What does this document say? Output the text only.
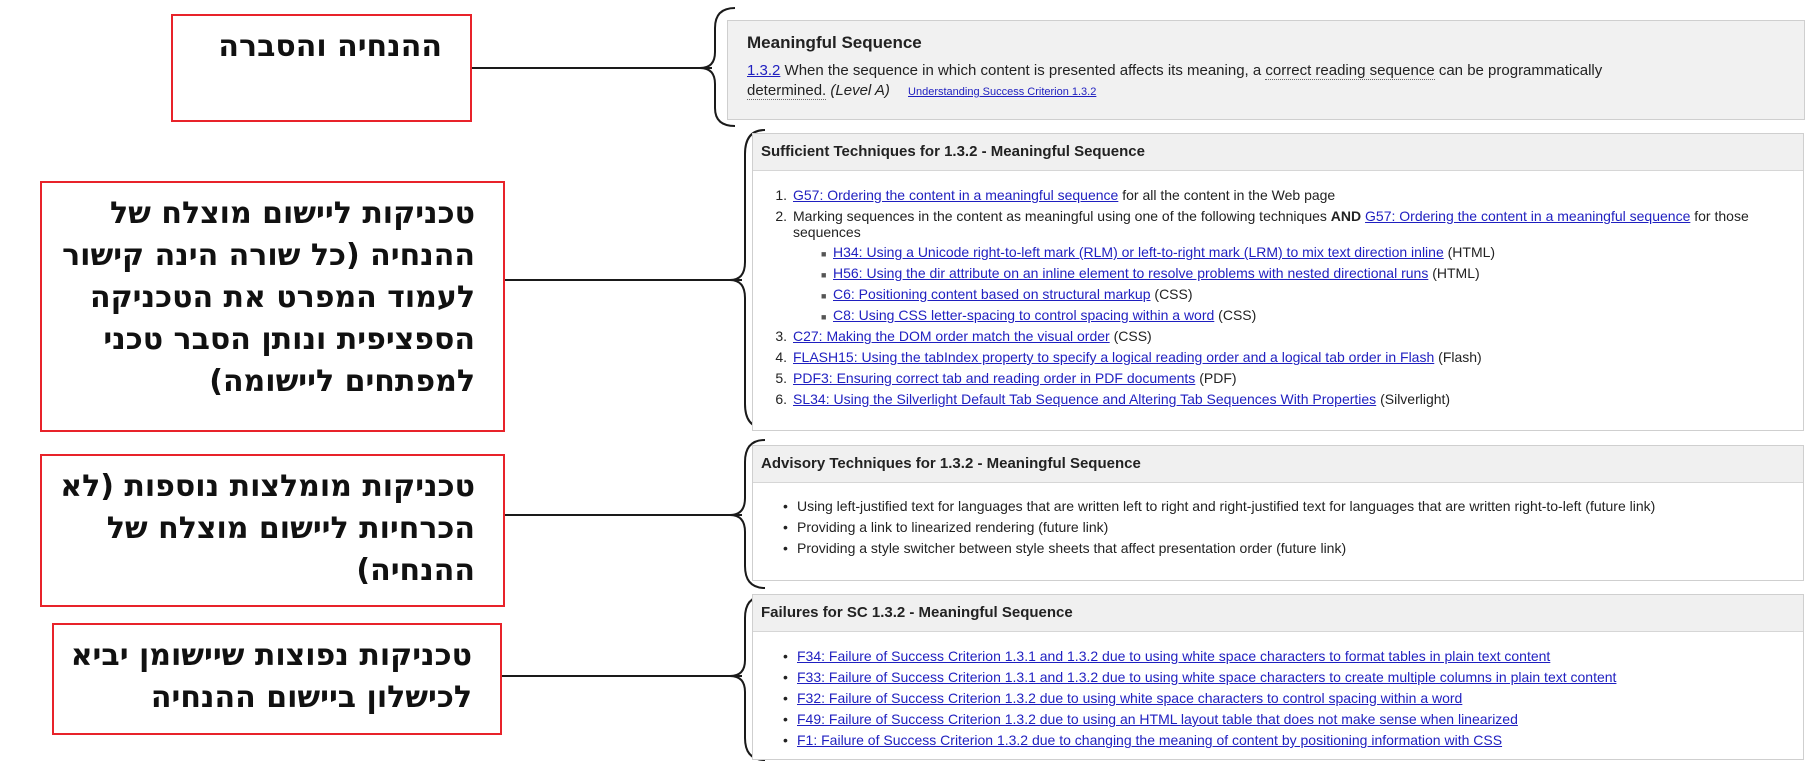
ההנחיה והסברה
טכניקות ליישום מוצלח של
ההנחיה (כל שורה הינה קישור
לעמוד המפרט את הטכניקה
הספציפית ונותן הסבר טכני
למפתחים ליישומה)
טכניקות מומלצות נוספות (לא
הכרחיות ליישום מוצלח של
ההנחיה)
טכניקות נפוצות שיישומן יביא
לכישלון ביישום ההנחיה
Meaningful Sequence
1.3.2 When the sequence in which content is presented affects its meaning, a correct reading sequence can be programmatically
determined. (Level A) Understanding Success Criterion 1.3.2
Sufficient Techniques for 1.3.2 - Meaningful Sequence
1. G57: Ordering the content in a meaningful sequence for all the content in the Web page
2. Marking sequences in the content as meaningful using one of the following techniques AND G57: Ordering the content in a meaningful sequence for those
sequences
■ H34: Using a Unicode right-to-left mark (RLM) or left-to-right mark (LRM) to mix text direction inline (HTML)
■ H56: Using the dir attribute on an inline element to resolve problems with nested directional runs (HTML)
■ C6: Positioning content based on structural markup (CSS)
■ C8: Using CSS letter-spacing to control spacing within a word (CSS)
3. C27: Making the DOM order match the visual order (CSS)
4. FLASH15: Using the tabIndex property to specify a logical reading order and a logical tab order in Flash (Flash)
5. PDF3: Ensuring correct tab and reading order in PDF documents (PDF)
6. SL34: Using the Silverlight Default Tab Sequence and Altering Tab Sequences With Properties (Silverlight)
Advisory Techniques for 1.3.2 - Meaningful Sequence
• Using left-justified text for languages that are written left to right and right-justified text for languages that are written right-to-left (future link)
• Providing a link to linearized rendering (future link)
• Providing a style switcher between style sheets that affect presentation order (future link)
Failures for SC 1.3.2 - Meaningful Sequence
• F34: Failure of Success Criterion 1.3.1 and 1.3.2 due to using white space characters to format tables in plain text content
• F33: Failure of Success Criterion 1.3.1 and 1.3.2 due to using white space characters to create multiple columns in plain text content
• F32: Failure of Success Criterion 1.3.2 due to using white space characters to control spacing within a word
• F49: Failure of Success Criterion 1.3.2 due to using an HTML layout table that does not make sense when linearized
• F1: Failure of Success Criterion 1.3.2 due to changing the meaning of content by positioning information with CSS
